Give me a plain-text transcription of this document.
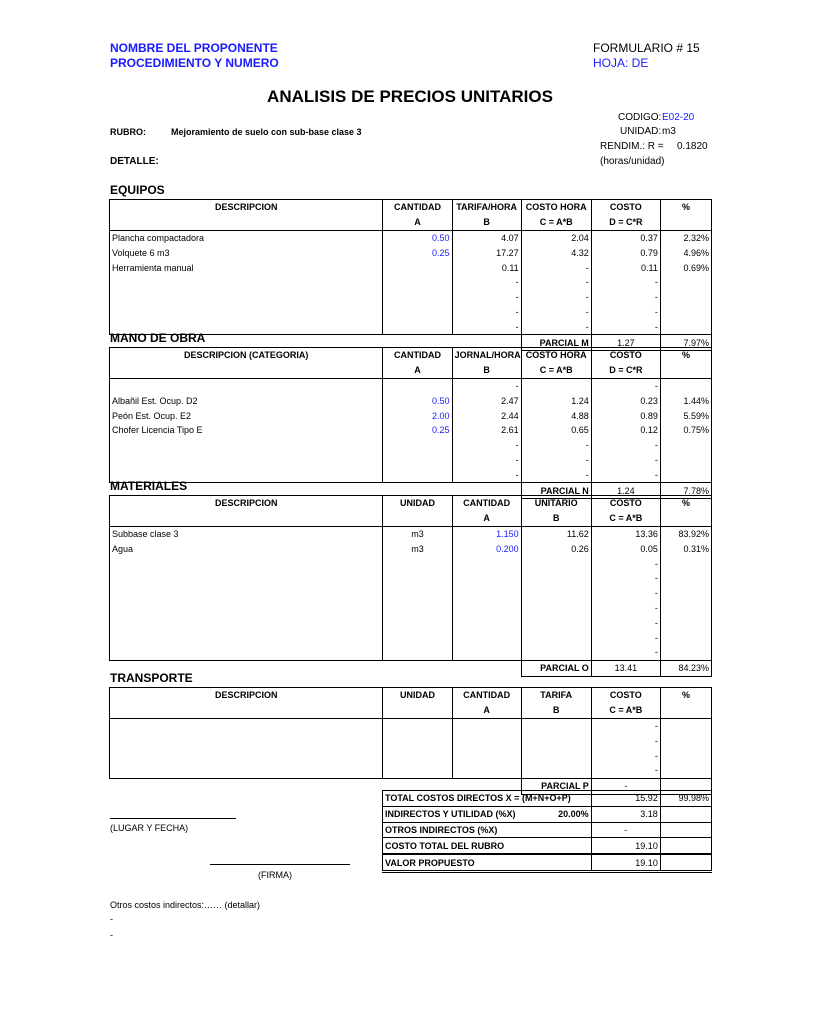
NOMBRE DEL PROPONENTE
PROCEDIMIENTO Y NUMERO
FORMULARIO # 15
HOJA: DE
ANALISIS DE PRECIOS UNITARIOS
CODIGO: E02-20
UNIDAD: m3
RENDIM.: R = 0.1820
(horas/unidad)
RUBRO:	Mejoramiento de suelo con sub-base clase 3
DETALLE:
EQUIPOS
MANO DE OBRA
MATERIALES
TRANSPORTE
DESCRIPCION	CANTIDAD	TARIFA/HORA	COSTO HORA	COSTO	%
	A	B	C = A*B	D = C*R	
Plancha compactadora	0.50	4.07	2.04	0.37	2.32%
Volquete 6 m3	0.25	17.27	4.32	0.79	4.96%
Herramienta manual		0.11	-	0.11	0.69%
		-	-	-	
		-	-	-	
		-	-	-	
		-	-	-	
			PARCIAL M	1.27	7.97%
DESCRIPCION (CATEGORIA)	CANTIDAD	JORNAL/HORA	COSTO HORA	COSTO	%
	A	B	C = A*B	D = C*R	
		-		-	
Albañil Est. Ocup. D2	0.50	2.47	1.24	0.23	1.44%
Peón Est. Ocup. E2	2.00	2.44	4.88	0.89	5.59%
Chofer Licencia Tipo E	0.25	2.61	0.65	0.12	0.75%
		-	-	-	
		-	-	-	
		-	-	-	
			PARCIAL N	1.24	7.78%
DESCRIPCION	UNIDAD	CANTIDAD	UNITARIO	COSTO	%
		A	B	C = A*B	
Subbase clase 3	m3	1.150	11.62	13.36	83.92%
Agua	m3	0.200	0.26	0.05	0.31%
				-	
				-	
				-	
				-	
				-	
				-	
				-	
			PARCIAL O	13.41	84.23%
DESCRIPCION	UNIDAD	CANTIDAD	TARIFA	COSTO	%
		A	B	C = A*B	
				-	
				-	
				-	
				-	
			PARCIAL P	-	
TOTAL COSTOS DIRECTOS X = (M+N+O+P)		15.92	99.98%
INDIRECTOS Y UTILIDAD (%X)	20.00%	3.18	
OTROS INDIRECTOS (%X)		-	
COSTO TOTAL DEL RUBRO		19.10	
VALOR PROPUESTO		19.10	
(LUGAR Y FECHA)
(FIRMA)
Otros costos indirectos:…… (detallar)
-
-
